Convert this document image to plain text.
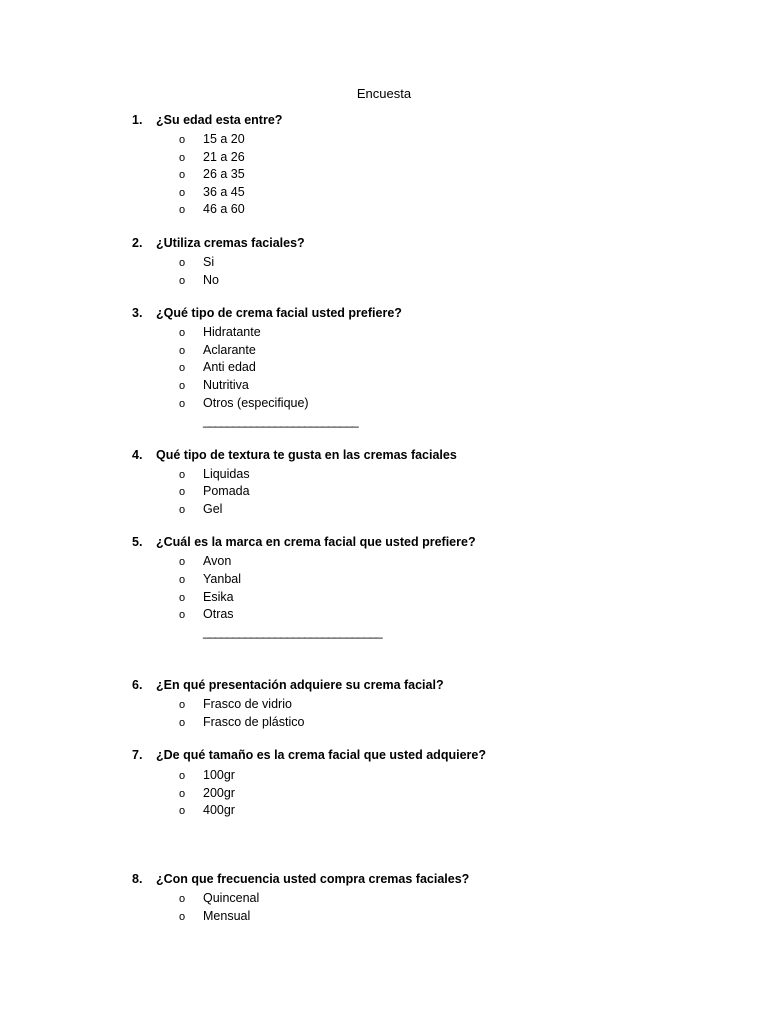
Encuesta
1. ¿Su edad esta entre?
o 15 a 20
o 21 a 26
o 26 a 35
o 36 a 45
o 46 a 60
2. ¿Utiliza cremas faciales?
o Si
o No
3. ¿Qué tipo de crema facial usted prefiere?
o Hidratante
o Aclarante
o Anti edad
o Nutritiva
o Otros (especifique)
__________________________
4. Qué tipo de textura te gusta en las cremas faciales
o Liquidas
o Pomada
o Gel
5. ¿Cuál es la marca en crema facial que usted prefiere?
o Avon
o Yanbal
o Esika
o Otras
______________________________
6. ¿En qué presentación adquiere su crema facial?
o Frasco de vidrio
o Frasco de plástico
7. ¿De qué tamaño es la crema facial que usted adquiere?
o 100gr
o 200gr
o 400gr
8. ¿Con que frecuencia usted compra cremas faciales?
o Quincenal
o Mensual
